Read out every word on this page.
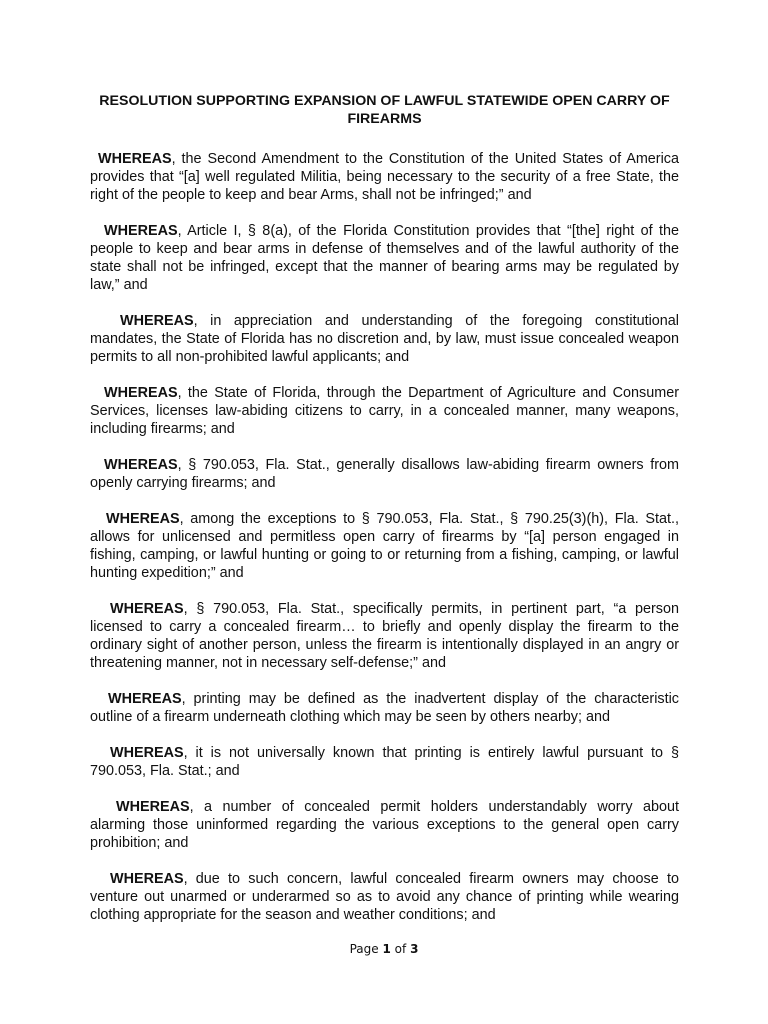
RESOLUTION SUPPORTING EXPANSION OF LAWFUL STATEWIDE OPEN CARRY OF FIREARMS
WHEREAS, the Second Amendment to the Constitution of the United States of America provides that “[a] well regulated Militia, being necessary to the security of a free State, the right of the people to keep and bear Arms, shall not be infringed;” and
WHEREAS, Article I, § 8(a), of the Florida Constitution provides that “[the] right of the people to keep and bear arms in defense of themselves and of the lawful authority of the state shall not be infringed, except that the manner of bearing arms may be regulated by law,” and
WHEREAS, in appreciation and understanding of the foregoing constitutional mandates, the State of Florida has no discretion and, by law, must issue concealed weapon permits to all non-prohibited lawful applicants; and
WHEREAS, the State of Florida, through the Department of Agriculture and Consumer Services, licenses law-abiding citizens to carry, in a concealed manner, many weapons, including firearms; and
WHEREAS, § 790.053, Fla. Stat., generally disallows law-abiding firearm owners from openly carrying firearms; and
WHEREAS, among the exceptions to § 790.053, Fla. Stat., § 790.25(3)(h), Fla. Stat., allows for unlicensed and permitless open carry of firearms by “[a] person engaged in fishing, camping, or lawful hunting or going to or returning from a fishing, camping, or lawful hunting expedition;” and
WHEREAS, § 790.053, Fla. Stat., specifically permits, in pertinent part, “a person licensed to carry a concealed firearm… to briefly and openly display the firearm to the ordinary sight of another person, unless the firearm is intentionally displayed in an angry or threatening manner, not in necessary self-defense;” and
WHEREAS, printing may be defined as the inadvertent display of the characteristic outline of a firearm underneath clothing which may be seen by others nearby; and
WHEREAS, it is not universally known that printing is entirely lawful pursuant to § 790.053, Fla. Stat.; and
WHEREAS, a number of concealed permit holders understandably worry about alarming those uninformed regarding the various exceptions to the general open carry prohibition; and
WHEREAS, due to such concern, lawful concealed firearm owners may choose to venture out unarmed or underarmed so as to avoid any chance of printing while wearing clothing appropriate for the season and weather conditions; and
Page 1 of 3
